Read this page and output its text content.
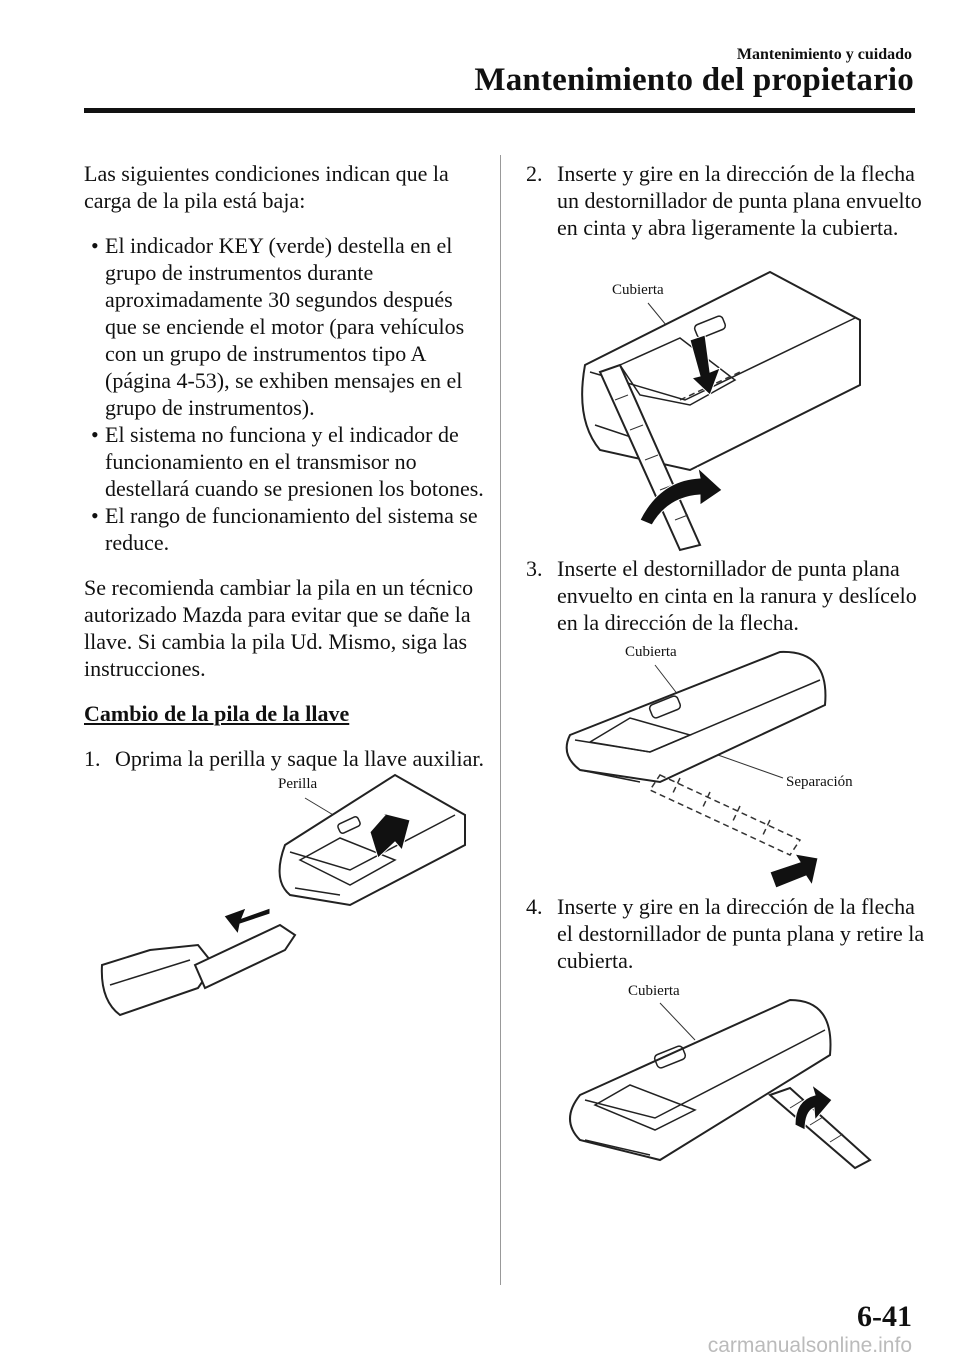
Mantenimiento y cuidado
Mantenimiento del propietario

Las siguientes condiciones indican que la carga de la pila está baja:

• El indicador KEY (verde) destella en el grupo de instrumentos durante aproximadamente 30 segundos después que se enciende el motor (para vehículos con un grupo de instrumentos tipo A (página 4-53), se exhiben mensajes en el grupo de instrumentos).
• El sistema no funciona y el indicador de funcionamiento en el transmisor no destellará cuando se presionen los botones.
• El rango de funcionamiento del sistema se reduce.

Se recomienda cambiar la pila en un técnico autorizado Mazda para evitar que se dañe la llave. Si cambia la pila Ud. Mismo, siga las instrucciones.

Cambio de la pila de la llave

1. Oprima la perilla y saque la llave auxiliar.
Perilla
2. Inserte y gire en la dirección de la flecha un destornillador de punta plana envuelto en cinta y abra ligeramente la cubierta.
Cubierta
3. Inserte el destornillador de punta plana envuelto en cinta en la ranura y deslícelo en la dirección de la flecha.
Cubierta
Separación
4. Inserte y gire en la dirección de la flecha el destornillador de punta plana y retire la cubierta.
Cubierta
6-41
carmanualsonline.info
